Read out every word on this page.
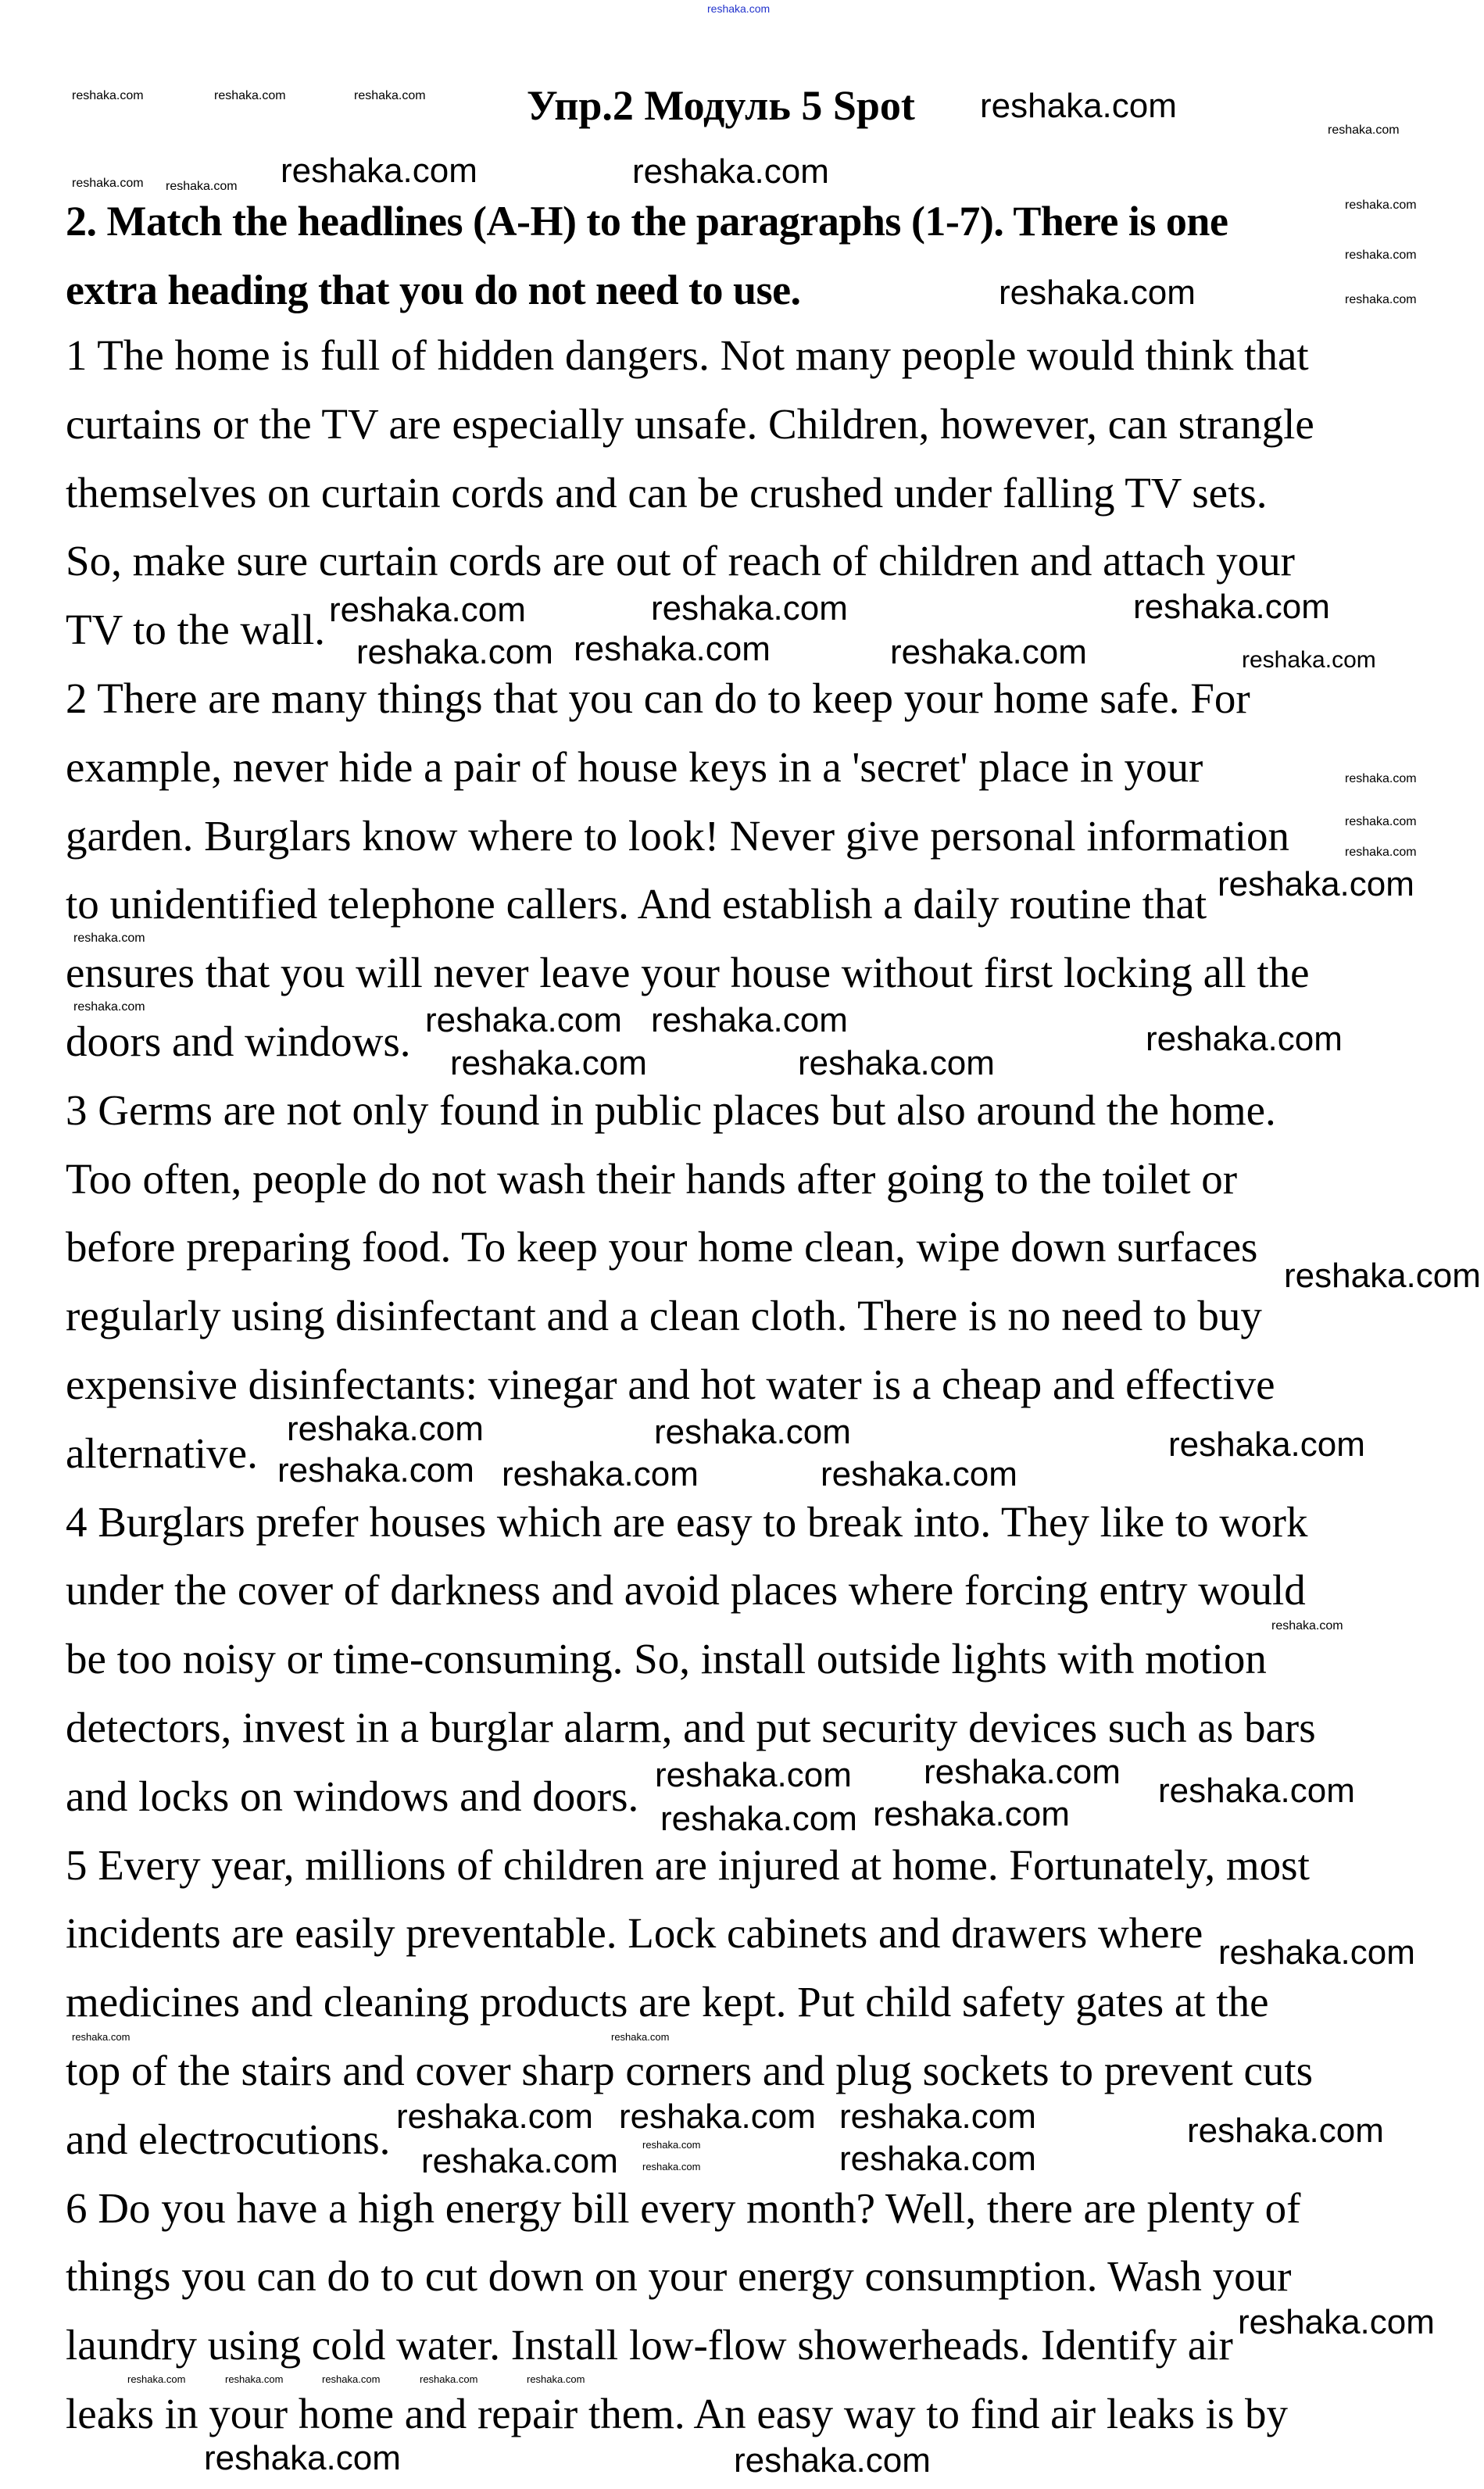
Упр.2 Модуль 5 Spot
2. Match the headlines (A-H) to the paragraphs (1-7). There is one
extra heading that you do not need to use.
1 The home is full of hidden dangers. Not many people would think that
curtains or the TV are especially unsafe. Children, however, can strangle
themselves on curtain cords and can be crushed under falling TV sets.
So, make sure curtain cords are out of reach of children and attach your
TV to the wall.
2 There are many things that you can do to keep your home safe. For
example, never hide a pair of house keys in a 'secret' place in your
garden. Burglars know where to look! Never give personal information
to unidentified telephone callers. And establish a daily routine that
ensures that you will never leave your house without first locking all the
doors and windows.
3 Germs are not only found in public places but also around the home.
Too often, people do not wash their hands after going to the toilet or
before preparing food. To keep your home clean, wipe down surfaces
regularly using disinfectant and a clean cloth. There is no need to buy
expensive disinfectants: vinegar and hot water is a cheap and effective
alternative.
4 Burglars prefer houses which are easy to break into. They like to work
under the cover of darkness and avoid places where forcing entry would
be too noisy or time-consuming. So, install outside lights with motion
detectors, invest in a burglar alarm, and put security devices such as bars
and locks on windows and doors.
5 Every year, millions of children are injured at home. Fortunately, most
incidents are easily preventable. Lock cabinets and drawers where
medicines and cleaning products are kept. Put child safety gates at the
top of the stairs and cover sharp corners and plug sockets to prevent cuts
and electrocutions.
6 Do you have a high energy bill every month? Well, there are plenty of
things you can do to cut down on your energy consumption. Wash your
laundry using cold water. Install low-flow showerheads. Identify air
leaks in your home and repair them. An easy way to find air leaks is by
reshaka.com
reshaka.com
reshaka.com
reshaka.com
reshaka.com
reshaka.com	reshaka.com	reshaka.com
reshaka.com reshaka.com	reshaka.com
reshaka.com reshaka.com
reshaka.com
reshaka.com
reshaka.com	reshaka.com
reshaka.com	reshaka.com
reshaka.com
reshaka.com reshaka.com	reshaka.com
reshaka.com
reshaka.com
reshaka.com
reshaka.com
reshaka.com
reshaka.com
reshaka.com reshaka.com reshaka.com
reshaka.com
reshaka.com	reshaka.com
reshaka.com
reshaka.com
reshaka.com
reshaka.com
reshaka.com
reshaka.com	reshaka.com	reshaka.com
reshaka.com
reshaka.com
reshaka.com
reshaka.com
reshaka.com
reshaka.com
reshaka.com
reshaka.com
reshaka.com
reshaka.com
reshaka.com
reshaka.com
reshaka.com	reshaka.com
reshaka.com
reshaka.com
reshaka.com	reshaka.com	reshaka.com	reshaka.com	reshaka.com
